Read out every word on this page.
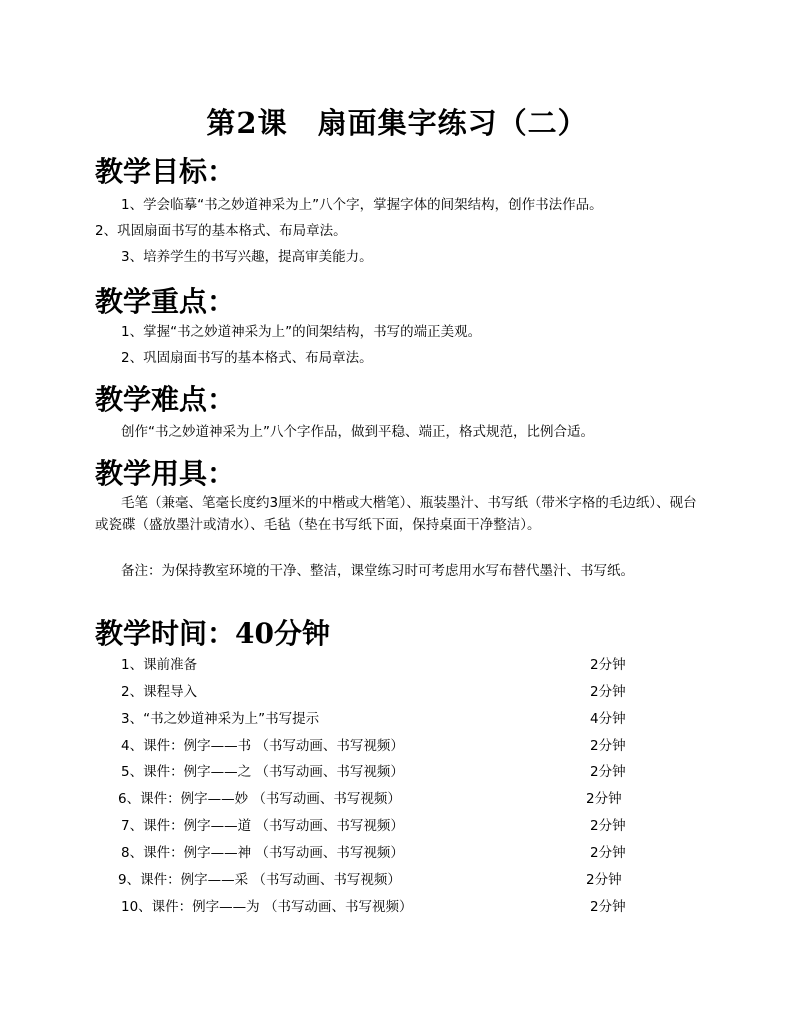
第2课　扇面集字练习（二）
教学目标：
1、学会临摹“书之妙道神采为上”八个字，掌握字体的间架结构，创作书法作品。
2、巩固扇面书写的基本格式、布局章法。
3、培养学生的书写兴趣，提高审美能力。
教学重点：
1、掌握“书之妙道神采为上”的间架结构，书写的端正美观。
2、巩固扇面书写的基本格式、布局章法。
教学难点：
创作“书之妙道神采为上”八个字作品，做到平稳、端正，格式规范，比例合适。
教学用具：
毛笔（兼毫、笔毫长度约3厘米的中楷或大楷笔）、瓶装墨汁、书写纸（带米字格的毛边纸）、砚台或瓷碟（盛放墨汁或清水）、毛毡（垫在书写纸下面，保持桌面干净整洁）。
备注：为保持教室环境的干净、整洁，课堂练习时可考虑用水写布替代墨汁、书写纸。
教学时间：40分钟
1、课前准备	2分钟
2、课程导入	2分钟
3、“书之妙道神采为上”书写提示	4分钟
4、课件：例字——书 （书写动画、书写视频）	2分钟
5、课件：例字——之 （书写动画、书写视频）	2分钟
6、课件：例字——妙 （书写动画、书写视频）	2分钟
7、课件：例字——道 （书写动画、书写视频）	2分钟
8、课件：例字——神 （书写动画、书写视频）	2分钟
9、课件：例字——采 （书写动画、书写视频）	2分钟
10、课件：例字——为 （书写动画、书写视频）	2分钟
